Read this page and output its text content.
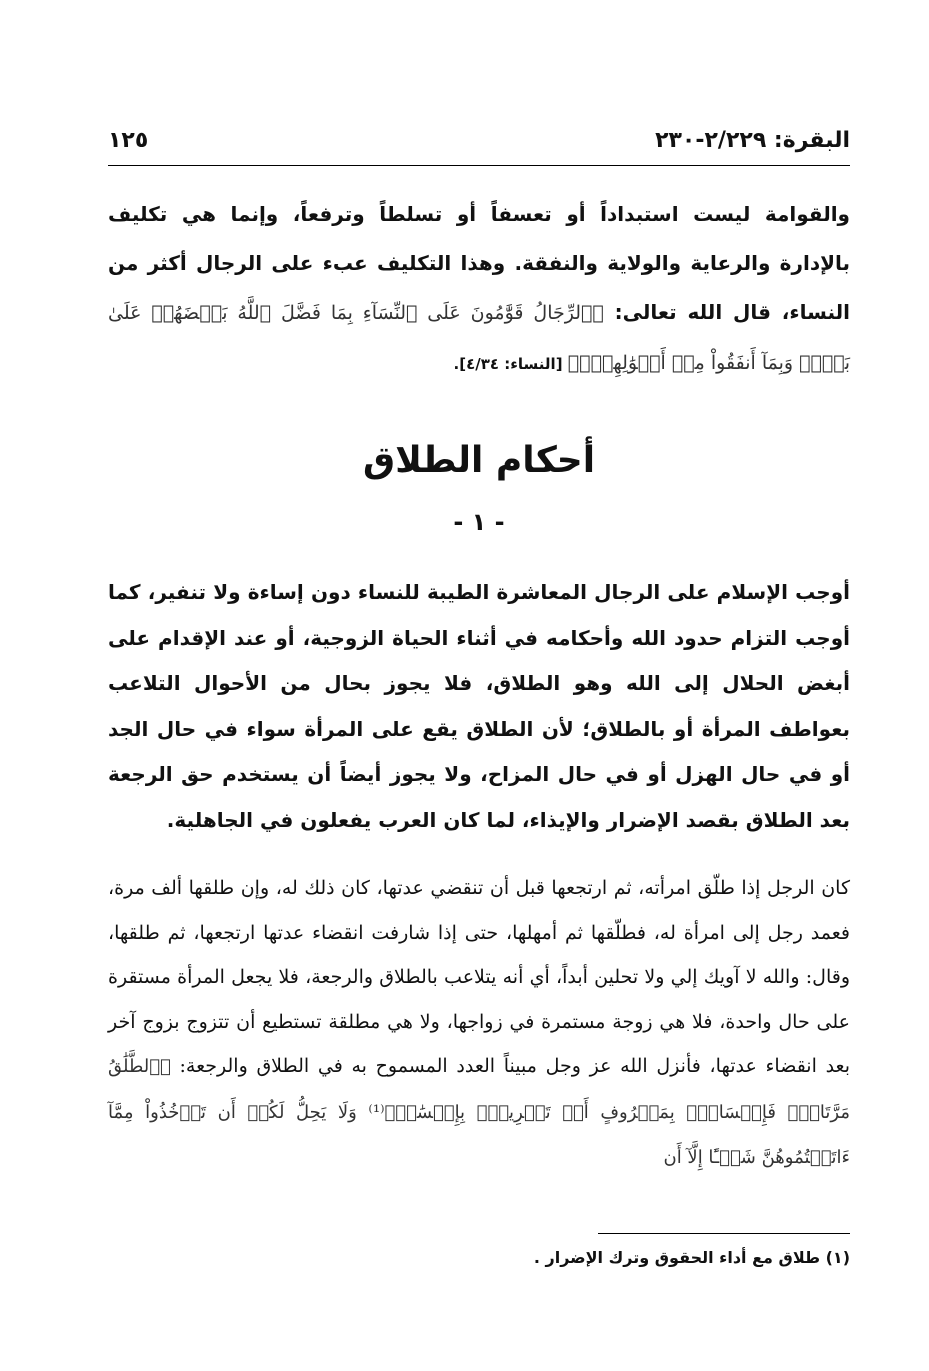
البقرة: ٢/٢٢٩-٢٣٠
١٢٥
والقوامة ليست استبداداً أو تعسفاً أو تسلطاً وترفعاً، وإنما هي تكليف بالإدارة والرعاية والولاية والنفقة. وهذا التكليف عبء على الرجال أكثر من النساء، قال الله تعالى: ﴿ٱلرِّجَالُ قَوَّٰمُونَ عَلَى ٱلنِّسَآءِ بِمَا فَضَّلَ ٱللَّهُ بَعۡضَهُمۡ عَلَىٰ بَعۡضٖ وَبِمَآ أَنفَقُواْ مِنۡ أَمۡوَٰلِهِمۡۚ﴾ [النساء: ٤/٣٤].
أحكام الطلاق
- ١ -
أوجب الإسلام على الرجال المعاشرة الطيبة للنساء دون إساءة ولا تنفير، كما أوجب التزام حدود الله وأحكامه في أثناء الحياة الزوجية، أو عند الإقدام على أبغض الحلال إلى الله وهو الطلاق، فلا يجوز بحال من الأحوال التلاعب بعواطف المرأة أو بالطلاق؛ لأن الطلاق يقع على المرأة سواء في حال الجد أو في حال الهزل أو في حال المزاح، ولا يجوز أيضاً أن يستخدم حق الرجعة بعد الطلاق بقصد الإضرار والإيذاء، لما كان العرب يفعلون في الجاهلية.
كان الرجل إذا طلّق امرأته، ثم ارتجعها قبل أن تنقضي عدتها، كان ذلك له، وإن طلقها ألف مرة، فعمد رجل إلى امرأة له، فطلّقها ثم أمهلها، حتى إذا شارفت انقضاء عدتها ارتجعها، ثم طلقها، وقال: والله لا آويك إلي ولا تحلين أبداً، أي أنه يتلاعب بالطلاق والرجعة، فلا يجعل المرأة مستقرة على حال واحدة، فلا هي زوجة مستمرة في زواجها، ولا هي مطلقة تستطيع أن تتزوج بزوج آخر بعد انقضاء عدتها، فأنزل الله عز وجل مبيناً العدد المسموح به في الطلاق والرجعة: ﴿ٱلطَّلَٰقُ مَرَّتَانِۖ فَإِمۡسَاكُۢ بِمَعۡرُوفٍ أَوۡ تَسۡرِيحُۢ بِإِحۡسَٰنٖۗ⁽¹⁾ وَلَا يَحِلُّ لَكُمۡ أَن تَأۡخُذُواْ مِمَّآ ءَاتَيۡتُمُوهُنَّ شَيۡـًٔا إِلَّآ أَن
(١) طلاق مع أداء الحقوق وترك الإضرار .
